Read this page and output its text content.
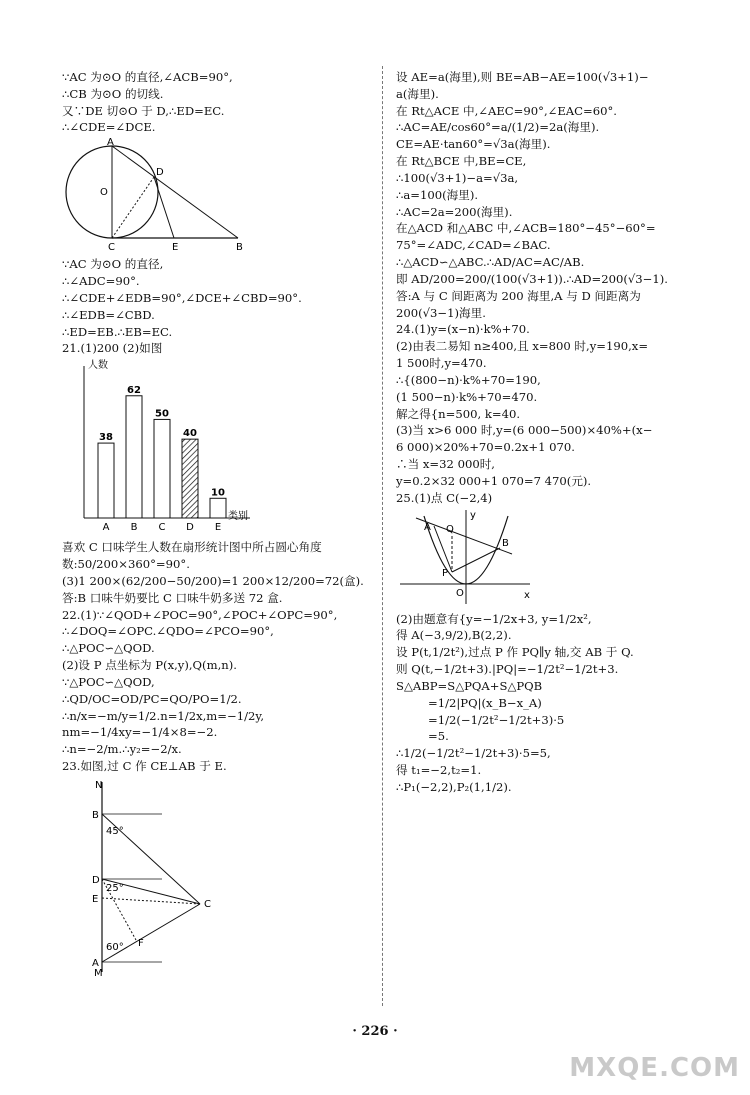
∵AC 为⊙O 的直径,∠ACB=90°,
∴CB 为⊙O 的切线.
又∵DE 切⊙O 于 D,∴ED=EC.
∴∠CDE=∠DCE.
A
O
D
C	E	B
∵AC 为⊙O 的直径,
∴∠ADC=90°.
∴∠CDE+∠EDB=90°,∠DCE+∠CBD=90°.
∴∠EDB=∠CBD.
∴ED=EB.∴EB=EC.
21.(1)200 (2)如图
人数
类别
38
A
62
B
50
C
40
D
10
E
喜欢 C 口味学生人数在扇形统计图中所占圆心角度
数:50/200×360°=90°.
(3)1 200×(62/200−50/200)=1 200×12/200=72(盒).
答:B 口味牛奶要比 C 口味牛奶多送 72 盒.
22.(1)∵∠QOD+∠POC=90°,∠POC+∠OPC=90°,
∴∠DOQ=∠OPC.∠QDO=∠PCO=90°,
∴△POC∽△QOD.
(2)设 P 点坐标为 P(x,y),Q(m,n).
∵△POC∽△QOD,
∴QD/OC=OD/PC=QO/PO=1/2.
∴n/x=−m/y=1/2.n=1/2x,m=−1/2y,
nm=−1/4xy=−1/4×8=−2.
∴n=−2/m.∴y₂=−2/x.
23.如图,过 C 作 CE⊥AB 于 E.
N
B
45°
D
25°
E	C
60° F
A
M
设 AE=a(海里),则 BE=AB−AE=100(√3+1)−
a(海里).
在 Rt△ACE 中,∠AEC=90°,∠EAC=60°.
∴AC=AE/cos60°=a/(1/2)=2a(海里).
CE=AE·tan60°=√3a(海里).
在 Rt△BCE 中,BE=CE,
∴100(√3+1)−a=√3a,
∴a=100(海里).
∴AC=2a=200(海里).
在△ACD 和△ABC 中,∠ACB=180°−45°−60°=
75°=∠ADC,∠CAD=∠BAC.
∴△ACD∽△ABC.∴AD/AC=AC/AB.
即 AD/200=200/(100(√3+1)).∴AD=200(√3−1).
答:A 与 C 间距离为 200 海里,A 与 D 间距离为
200(√3−1)海里.
24.(1)y=(x−n)·k%+70.
(2)由表二易知 n≥400,且 x=800 时,y=190,x=
1 500时,y=470.
∴{(800−n)·k%+70=190,
(1 500−n)·k%+70=470.
解之得{n=500, k=40.
(3)当 x>6 000 时,y=(6 000−500)×40%+(x−
6 000)×20%+70=0.2x+1 070.
∴当 x=32 000时,
y=0.2×32 000+1 070=7 470(元).
25.(1)点 C(−2,4)
y
x
Q
A
B
P
O
(2)由题意有{y=−1/2x+3, y=1/2x²,
得 A(−3,9/2),B(2,2).
设 P(t,1/2t²),过点 P 作 PQ∥y 轴,交 AB 于 Q.
则 Q(t,−1/2t+3).|PQ|=−1/2t²−1/2t+3.
S△ABP=S△PQA+S△PQB
=1/2|PQ|(x_B−x_A)
=1/2(−1/2t²−1/2t+3)·5
=5.
∴1/2(−1/2t²−1/2t+3)·5=5,
得 t₁=−2,t₂=1.
∴P₁(−2,2),P₂(1,1/2).
· 226 ·
MXQE.COM
